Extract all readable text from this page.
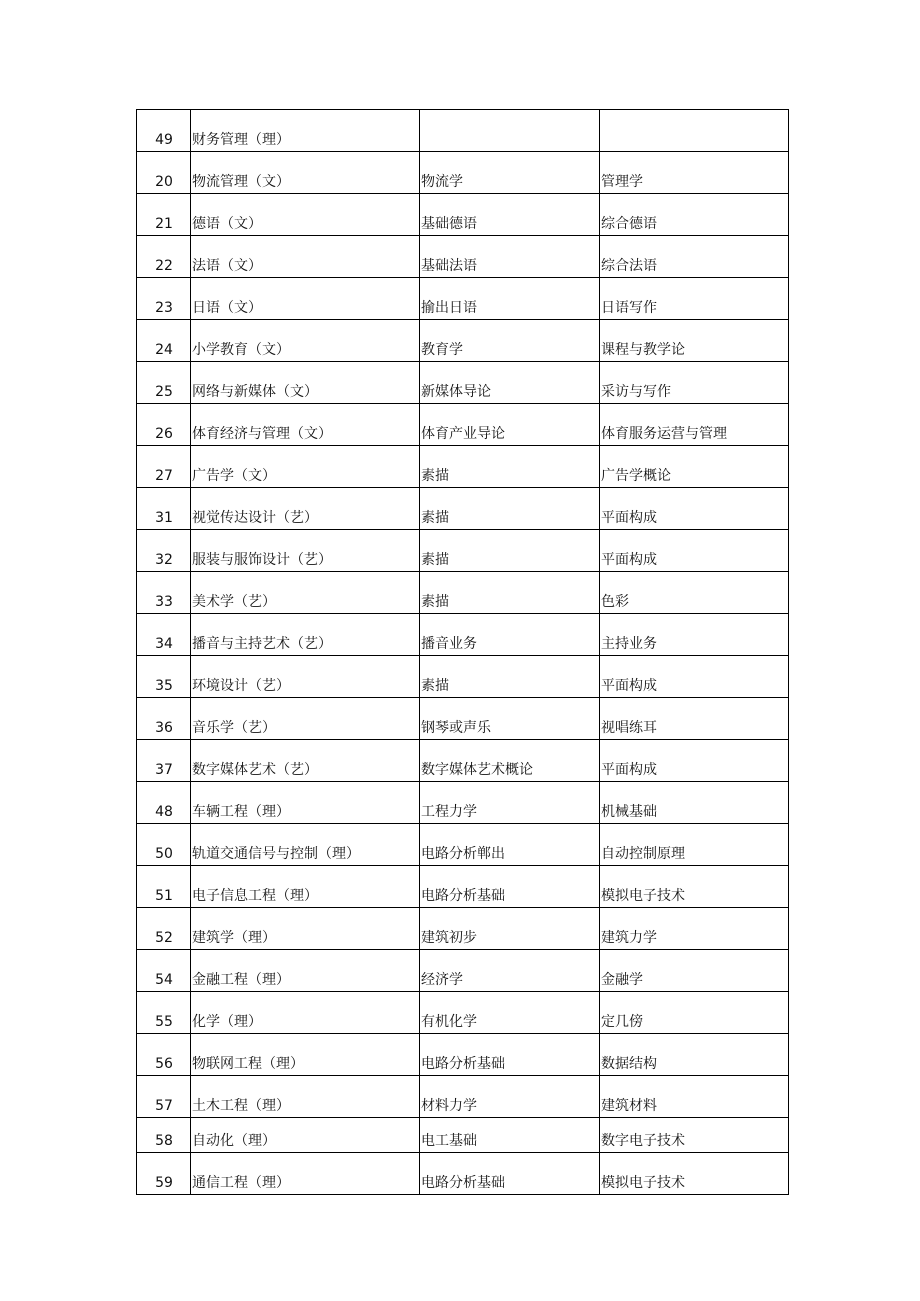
49	财务管理（理）		
20	物流管理（文）	物流学	管理学
21	德语（文）	基础德语	综合德语
22	法语（文）	基础法语	综合法语
23	日语（文）	揄出日语	日语写作
24	小学教育（文）	教育学	课程与教学论
25	网络与新媒体（文）	新媒体导论	采访与写作
26	体育经济与管理（文）	体育产业导论	体育服务运营与管理
27	广告学（文）	素描	广告学概论
31	视觉传达设计（艺）	素描	平面构成
32	服装与服饰设计（艺）	素描	平面构成
33	美术学（艺）	素描	色彩
34	播音与主持艺术（艺）	播音业务	主持业务
35	环境设计（艺）	素描	平面构成
36	音乐学（艺）	钢琴或声乐	视唱练耳
37	数字媒体艺术（艺）	数字媒体艺术概论	平面构成
48	车辆工程（理）	工程力学	机械基础
50	轨道交通信号与控制（理）	电路分析郸出	自动控制原理
51	电子信息工程（理）	电路分析基础	模拟电子技术
52	建筑学（理）	建筑初步	建筑力学
54	金融工程（理）	经济学	金融学
55	化学（理）	有机化学	定几傍
56	物联网工程（理）	电路分析基础	数据结构
57	土木工程（理）	材料力学	建筑材料
58	自动化（理）	电工基础	数字电子技术
59	通信工程（理）	电路分析基础	模拟电子技术
